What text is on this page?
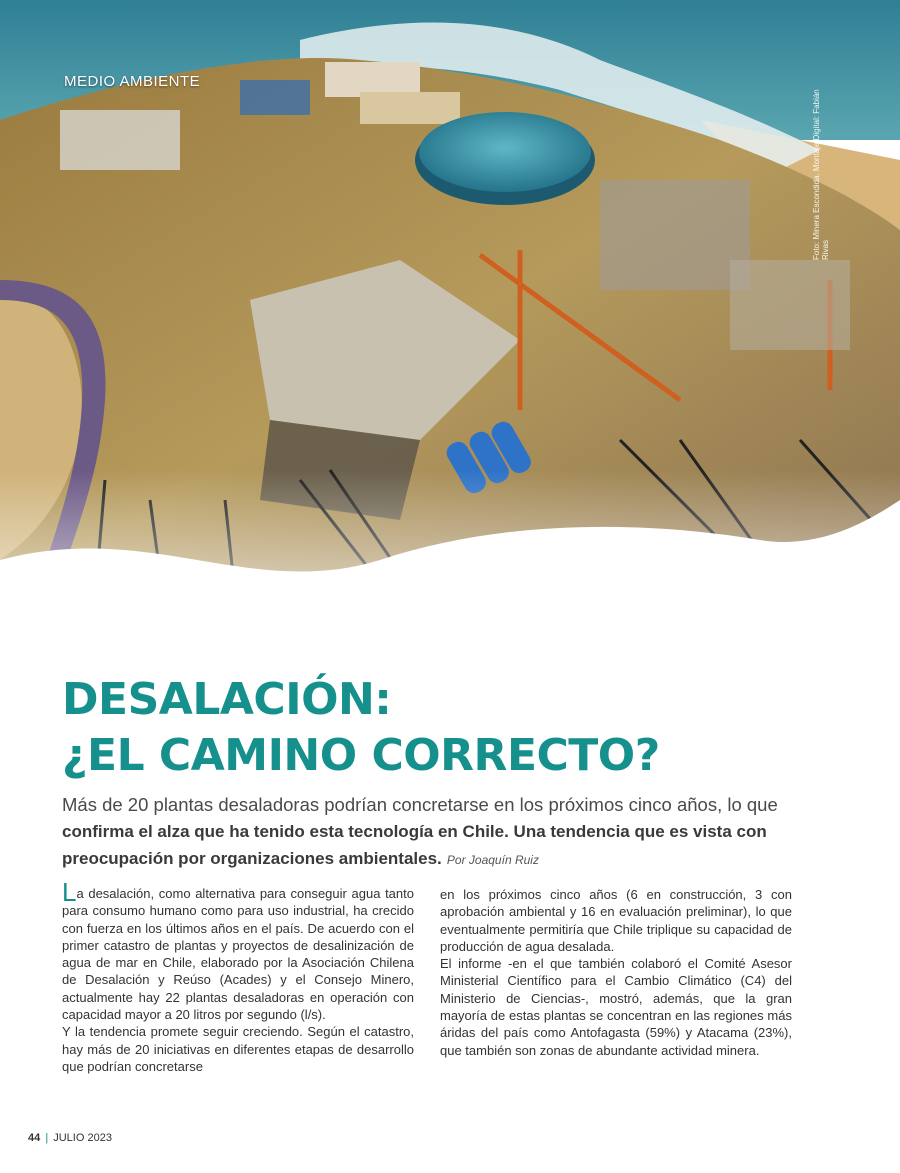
MEDIO AMBIENTE
Foto: Minera Escondida. Montaje Digital: Fabián Rivas
DESALACIÓN:
¿EL CAMINO CORRECTO?
Más de 20 plantas desaladoras podrían concretarse en los próximos cinco años, lo que confirma el alza que ha tenido esta tecnología en Chile. Una tendencia que es vista con preocupación por organizaciones ambientales. Por Joaquín Ruiz

La desalación, como alternativa para conseguir agua tanto para consumo humano como para uso industrial, ha crecido con fuerza en los últimos años en el país. De acuerdo con el primer catastro de plantas y proyectos de desalinización de agua de mar en Chile, elaborado por la Asociación Chilena de Desalación y Reúso (Acades) y el Consejo Minero, actualmente hay 22 plantas desaladoras en operación con capacidad mayor a 20 litros por segundo (l/s).

Y la tendencia promete seguir creciendo. Según el catastro, hay más de 20 iniciativas en diferentes etapas de desarrollo que podrían concretarse

en los próximos cinco años (6 en construcción, 3 con aprobación ambiental y 16 en evaluación preliminar), lo que eventualmente permitiría que Chile triplique su capacidad de producción de agua desalada.

El informe -en el que también colaboró el Comité Asesor Ministerial Científico para el Cambio Climático (C4) del Ministerio de Ciencias-, mostró, además, que la gran mayoría de estas plantas se concentran en las regiones más áridas del país como Antofagasta (59%) y Atacama (23%), que también son zonas de abundante actividad minera.

44 | JULIO 2023
